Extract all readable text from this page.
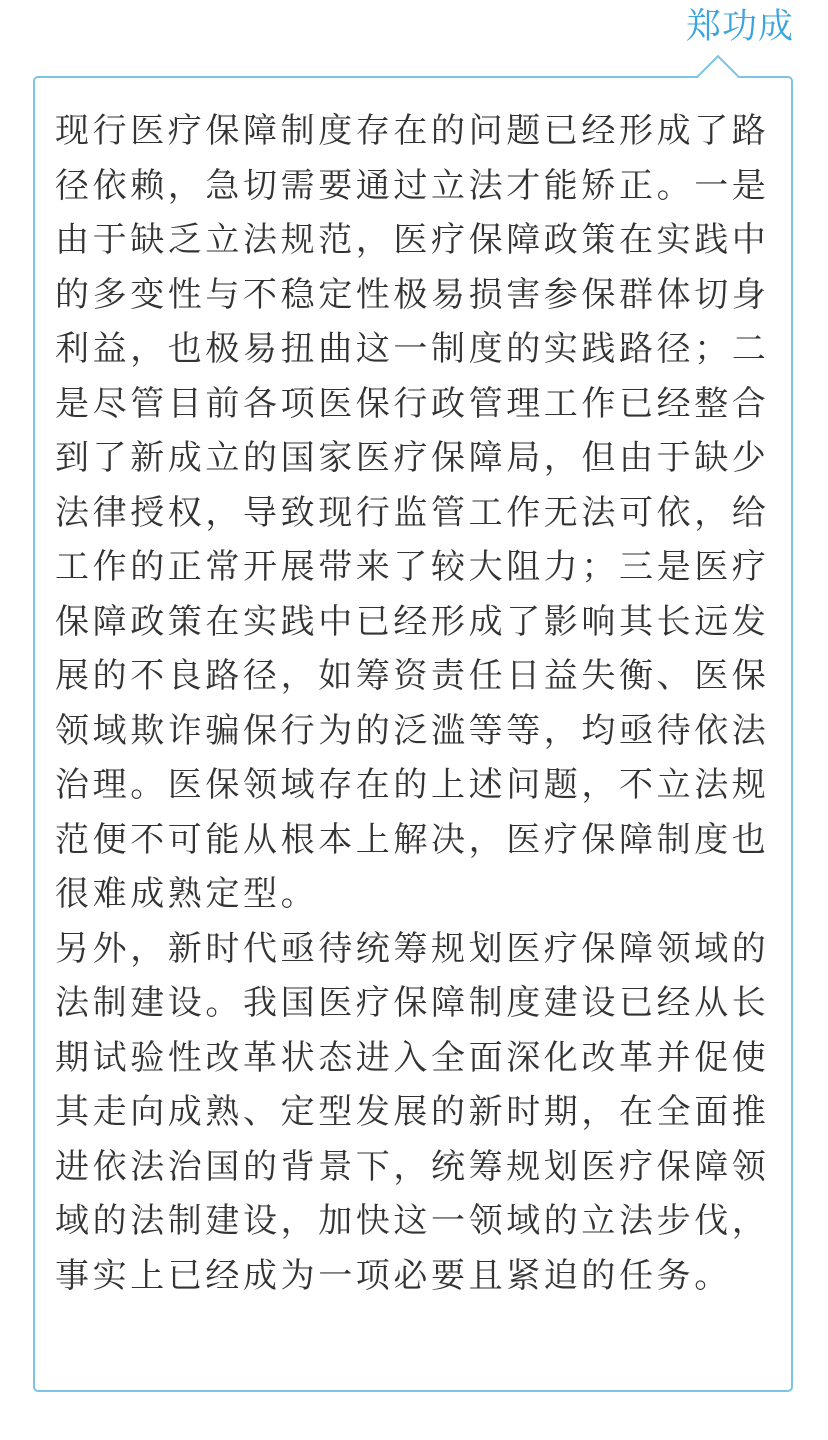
郑功成
现行医疗保障制度存在的问题已经形成了路
径依赖，急切需要通过立法才能矫正。一是
由于缺乏立法规范，医疗保障政策在实践中
的多变性与不稳定性极易损害参保群体切身
利益，也极易扭曲这一制度的实践路径；二
是尽管目前各项医保行政管理工作已经整合
到了新成立的国家医疗保障局，但由于缺少
法律授权，导致现行监管工作无法可依，给
工作的正常开展带来了较大阻力；三是医疗
保障政策在实践中已经形成了影响其长远发
展的不良路径，如筹资责任日益失衡、医保
领域欺诈骗保行为的泛滥等等，均亟待依法
治理。医保领域存在的上述问题，不立法规
范便不可能从根本上解决，医疗保障制度也
很难成熟定型。
另外，新时代亟待统筹规划医疗保障领域的
法制建设。我国医疗保障制度建设已经从长
期试验性改革状态进入全面深化改革并促使
其走向成熟、定型发展的新时期，在全面推
进依法治国的背景下，统筹规划医疗保障领
域的法制建设，加快这一领域的立法步伐，
事实上已经成为一项必要且紧迫的任务。
